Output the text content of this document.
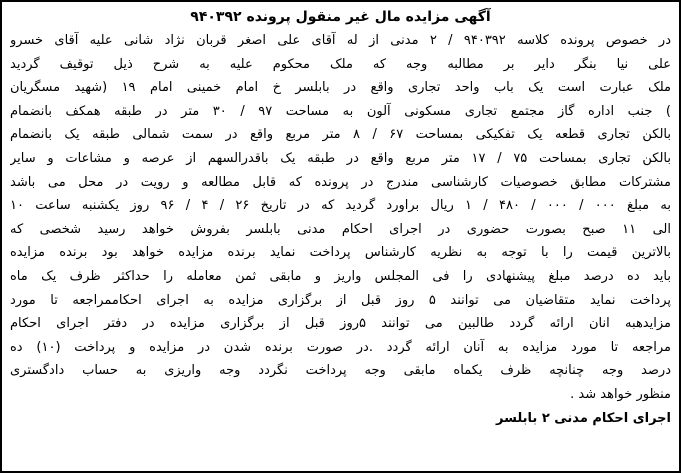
آگهی مزایده مال غیر منقول پرونده ۹۴۰۳۹۲
در خصوص پرونده کلاسه ۹۴۰۳۹۲ / ۲ مدنی از له آقای علی اصغر قربان نژاد شانی علیه آقای خسرو
علی نیا بنگر دایر بر مطالبه وجه که ملک محکوم علیه به شرح ذیل توقیف گردید
ملک عبارت است یک باب واحد تجاری واقع در بابلسر خ امام خمینی امام ۱۹ (شهید مسگریان
) جنب اداره گاز مجتمع تجاری مسکونی آلون به مساحت ۹۷ / ۳۰ متر در طبقه همکف بانضمام
بالکن تجاری قطعه یک تفکیکی بمساحت ۶۷ / ۸ متر مربع واقع در سمت شمالی طبقه یک بانضمام
بالکن تجاری بمساحت ۷۵ / ۱۷ متر مربع واقع در طبقه یک باقدرالسهم از عرصه و مشاعات و سایر
مشترکات مطابق خصوصیات کارشناسی مندرج در پرونده که قابل مطالعه و رویت در محل می باشد
به مبلغ ۰۰۰ / ۰۰۰ / ۴۸۰ / ۱ ریال براورد گردید که در تاریخ ۲۶ / ۴ / ۹۶ روز یکشنبه ساعت ۱۰
الی ۱۱ صبح بصورت حضوری در اجرای احکام مدنی بابلسر بفروش خواهد رسید شخصی که
بالاترین قیمت را با توجه به نظریه کارشناس پرداخت نماید برنده مزایده خواهد بود برنده مزایده
باید ده درصد مبلغ پیشنهادی را فی المجلس واریز و مابقی ثمن معامله را حداکثر ظرف یک ماه
پرداخت نماید متقاضیان می توانند ۵ روز قبل از برگزاری مزایده به اجرای احکاممراجعه تا مورد
مزایدهبه انان ارائه گردد طالبین می توانند ۵روز قبل از برگزاری مزایده در دفتر اجرای احکام
مراجعه تا مورد مزایده به آنان ارائه گردد .در صورت برنده شدن در مزایده و پرداخت (۱۰) ده
درصد وجه چنانچه ظرف یکماه مابقی وجه پرداخت نگردد وجه واریزی به حساب دادگستری
منظور خواهد شد .
اجرای احکام مدنی ۲ بابلسر
